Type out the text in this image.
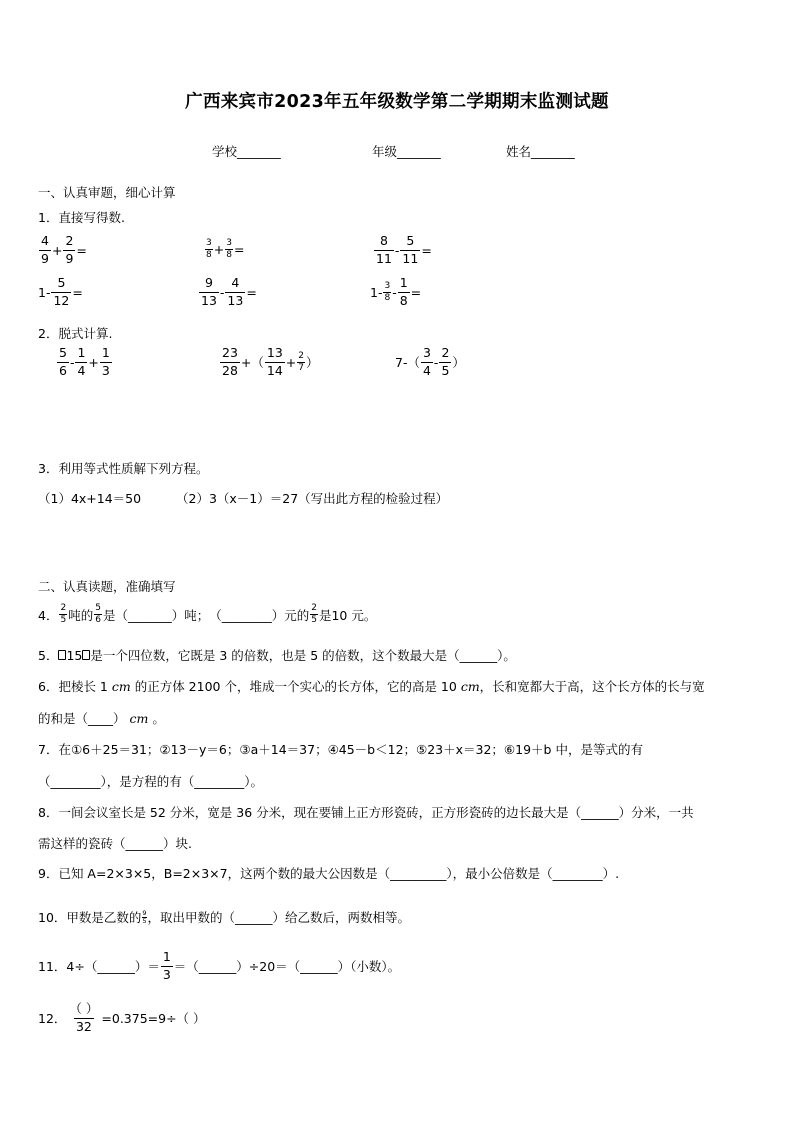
广西来宾市2023年五年级数学第二学期期末监测试题
学校_______	年级_______	姓名_______
一、认真审题，细心计算
1．直接写得数.
$\frac{4}{9} + \frac{2}{9}$ =	$\frac{3}{8} + \frac{3}{8}$ =	$\frac{8}{11} - \frac{5}{11}$ =
$1- \frac{5}{12}$ =	$\frac{9}{13} - \frac{4}{13}$ =	$1- \frac{3}{8} - \frac{1}{8}$ =
2．脱式计算.
$\frac{5}{6} - \frac{1}{4} + \frac{1}{3}$	$\frac{23}{28}$ +（ $\frac{13}{14} + \frac{2}{7}$ ）	$7-( \frac{3}{4} - \frac{2}{5}$ ）
3．利用等式性质解下列方程。
（1）4x+14＝50	（2）3（x－1）＝27（写出此方程的检验过程）
二、认真读题，准确填写
4． $\frac{2}{5}$ 吨的 $\frac{5}{6}$ 是（_______）吨；　（________）元的 $\frac{2}{5}$ 是10 元。
5． 15 是一个四位数，它既是 3 的倍数，也是 5 的倍数，这个数最大是（______）。
6．把棱长 1 cm 的正方体 2100 个，堆成一个实心的长方体，它的高是 10 cm，长和宽都大于高，这个长方体的长与宽
的和是（____） cm 。
7．在①6＋25＝31；②13－y＝6；③a＋14＝37；④45－b＜12；⑤23＋x＝32；⑥19＋b 中，是等式的有
（________），是方程的有（________）。
8．一间会议室长是 52 分米，宽是 36 分米，现在要铺上正方形瓷砖，正方形瓷砖的边长最大是（______）分米，一共
需这样的瓷砖（______）块.
9．已知 A=2×3×5，B=2×3×7，这两个数的最大公因数是（_________），最小公倍数是（________）.
10．甲数是乙数的 $\frac{9}{5}$ ，取出甲数的（______）给乙数后，两数相等。
11．4÷（______）＝ $\frac{1}{3}$ ＝（______）÷20＝（______）（小数）。
12． $\frac{( )}{32} =0.375=9\div$（ ）
